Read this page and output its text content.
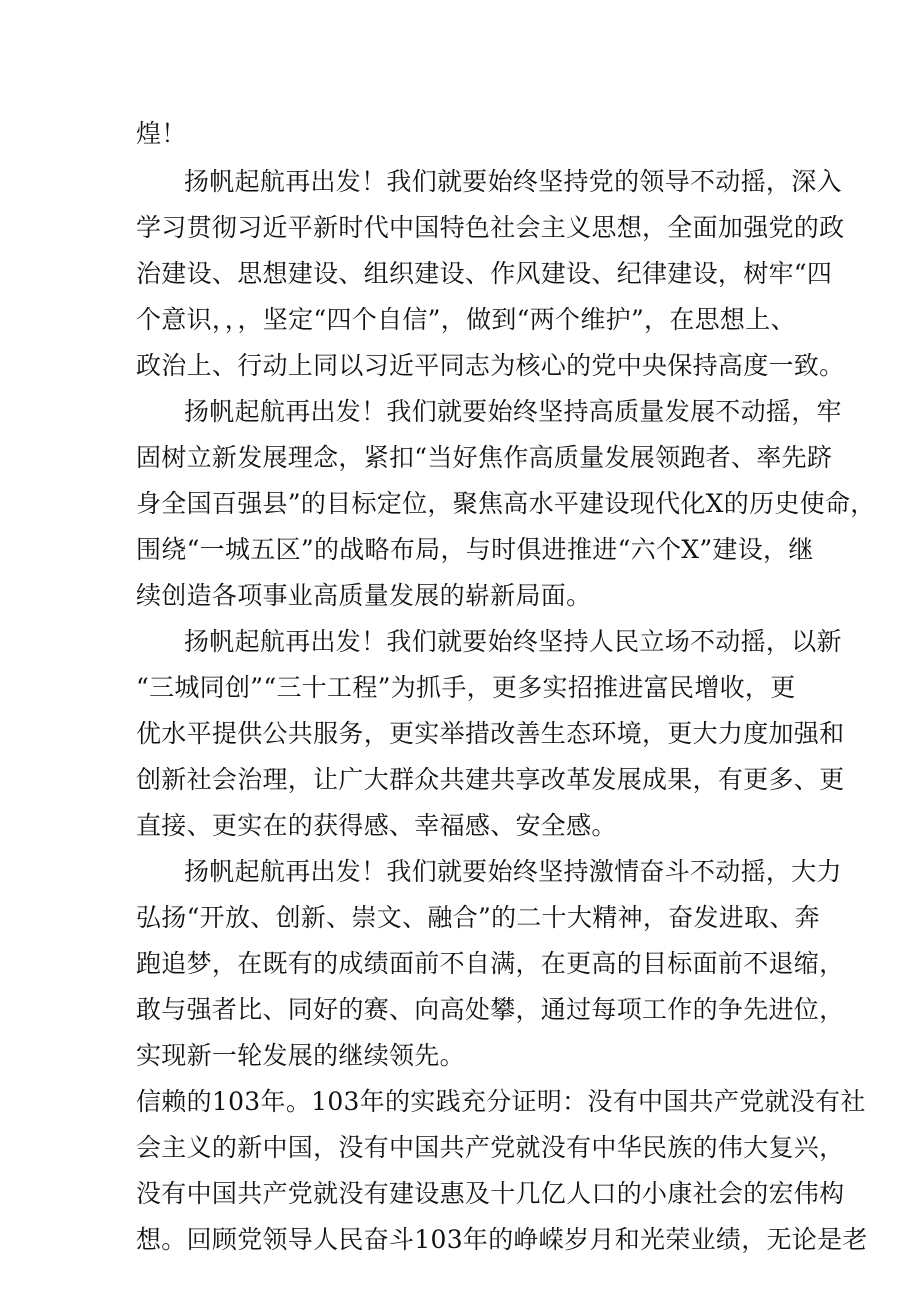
煌！
扬帆起航再出发！我们就要始终坚持党的领导不动摇，深入
学习贯彻习近平新时代中国特色社会主义思想，全面加强党的政
治建设、思想建设、组织建设、作风建设、纪律建设，树牢“四
个意识，，，坚定“四个自信”，做到“两个维护”，在思想上、
政治上、行动上同以习近平同志为核心的党中央保持高度一致。
扬帆起航再出发！我们就要始终坚持高质量发展不动摇，牢
固树立新发展理念，紧扣“当好焦作高质量发展领跑者、率先跻
身全国百强县”的目标定位，聚焦高水平建设现代化X的历史使命，
围绕“一城五区”的战略布局，与时俱进推进“六个X”建设，继
续创造各项事业高质量发展的崭新局面。
扬帆起航再出发！我们就要始终坚持人民立场不动摇，以新
“三城同创”“三十工程”为抓手，更多实招推进富民增收，更
优水平提供公共服务，更实举措改善生态环境，更大力度加强和
创新社会治理，让广大群众共建共享改革发展成果，有更多、更
直接、更实在的获得感、幸福感、安全感。
扬帆起航再出发！我们就要始终坚持激情奋斗不动摇，大力
弘扬“开放、创新、崇文、融合”的二十大精神，奋发进取、奔
跑追梦，在既有的成绩面前不自满，在更高的目标面前不退缩，
敢与强者比、同好的赛、向高处攀，通过每项工作的争先进位，
实现新一轮发展的继续领先。
信赖的103年。103年的实践充分证明：没有中国共产党就没有社
会主义的新中国，没有中国共产党就没有中华民族的伟大复兴，
没有中国共产党就没有建设惠及十几亿人口的小康社会的宏伟构
想。回顾党领导人民奋斗103年的峥嵘岁月和光荣业绩，无论是老
